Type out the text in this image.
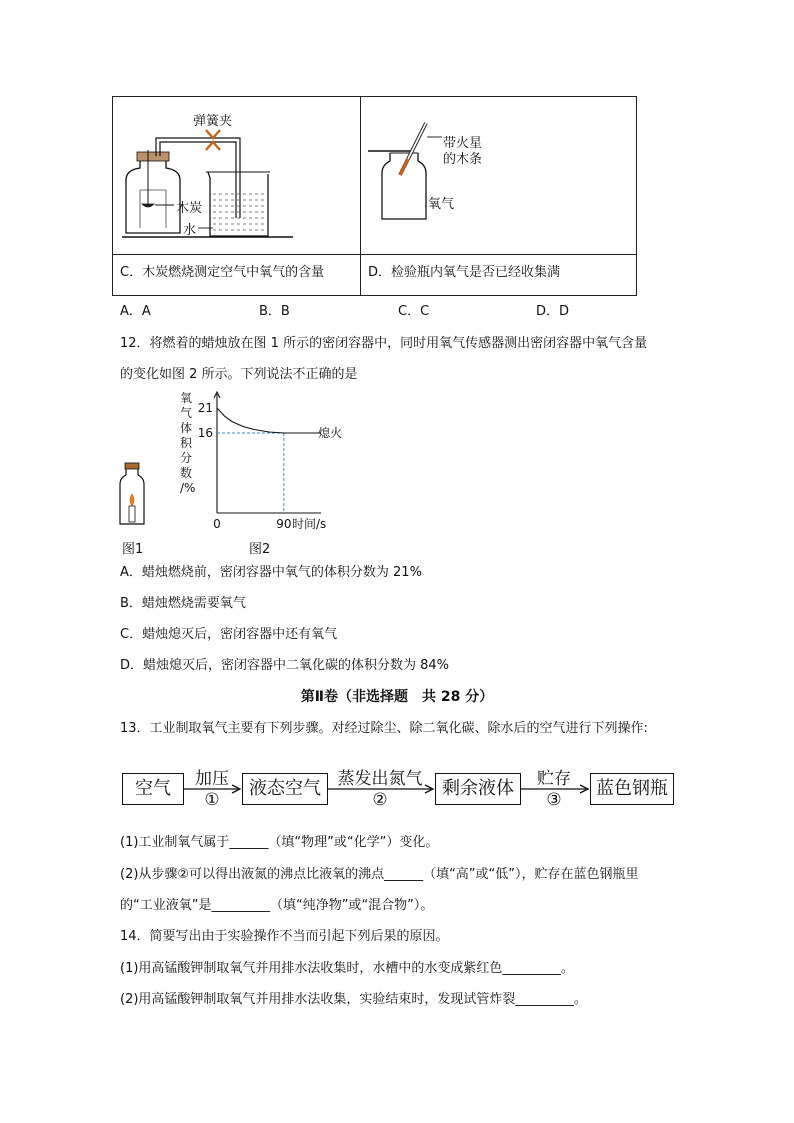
弹簧夹
木炭
水
C．木炭燃烧测定空气中氧气的含量
带火星
的木条
氧气
D．检验瓶内氧气是否已经收集满
A．A	B．B	C．C	D．D
12．将燃着的蜡烛放在图 1 所示的密闭容器中，同时用氧气传感器测出密闭容器中氧气含量
的变化如图 2 所示。下列说法不正确的是
图1
氧
气
体
积
分
数
/%
21
16
0	90
熄火
时间/s
图2
A．蜡烛燃烧前，密闭容器中氧气的体积分数为 21%
B．蜡烛燃烧需要氧气
C．蜡烛熄灭后，密闭容器中还有氧气
D．蜡烛熄灭后，密闭容器中二氧化碳的体积分数为 84%
第Ⅱ卷（非选择题　共 28 分）
13．工业制取氧气主要有下列步骤。对经过除尘、除二氧化碳、除水后的空气进行下列操作:
空气	液态空气	剩余液体	蓝色钢瓶
加压
①
蒸发出氮气
②
贮存
③
(1)工业制氧气属于______（填“物理”或“化学”）变化。
(2)从步骤②可以得出液氮的沸点比液氧的沸点______（填“高”或“低”），贮存在蓝色钢瓶里
的“工业液氧”是_________（填“纯净物”或“混合物”）。
14．简要写出由于实验操作不当而引起下列后果的原因。
(1)用高锰酸钾制取氧气并用排水法收集时，水槽中的水变成紫红色_________。
(2)用高锰酸钾制取氧气并用排水法收集，实验结束时，发现试管炸裂_________。
